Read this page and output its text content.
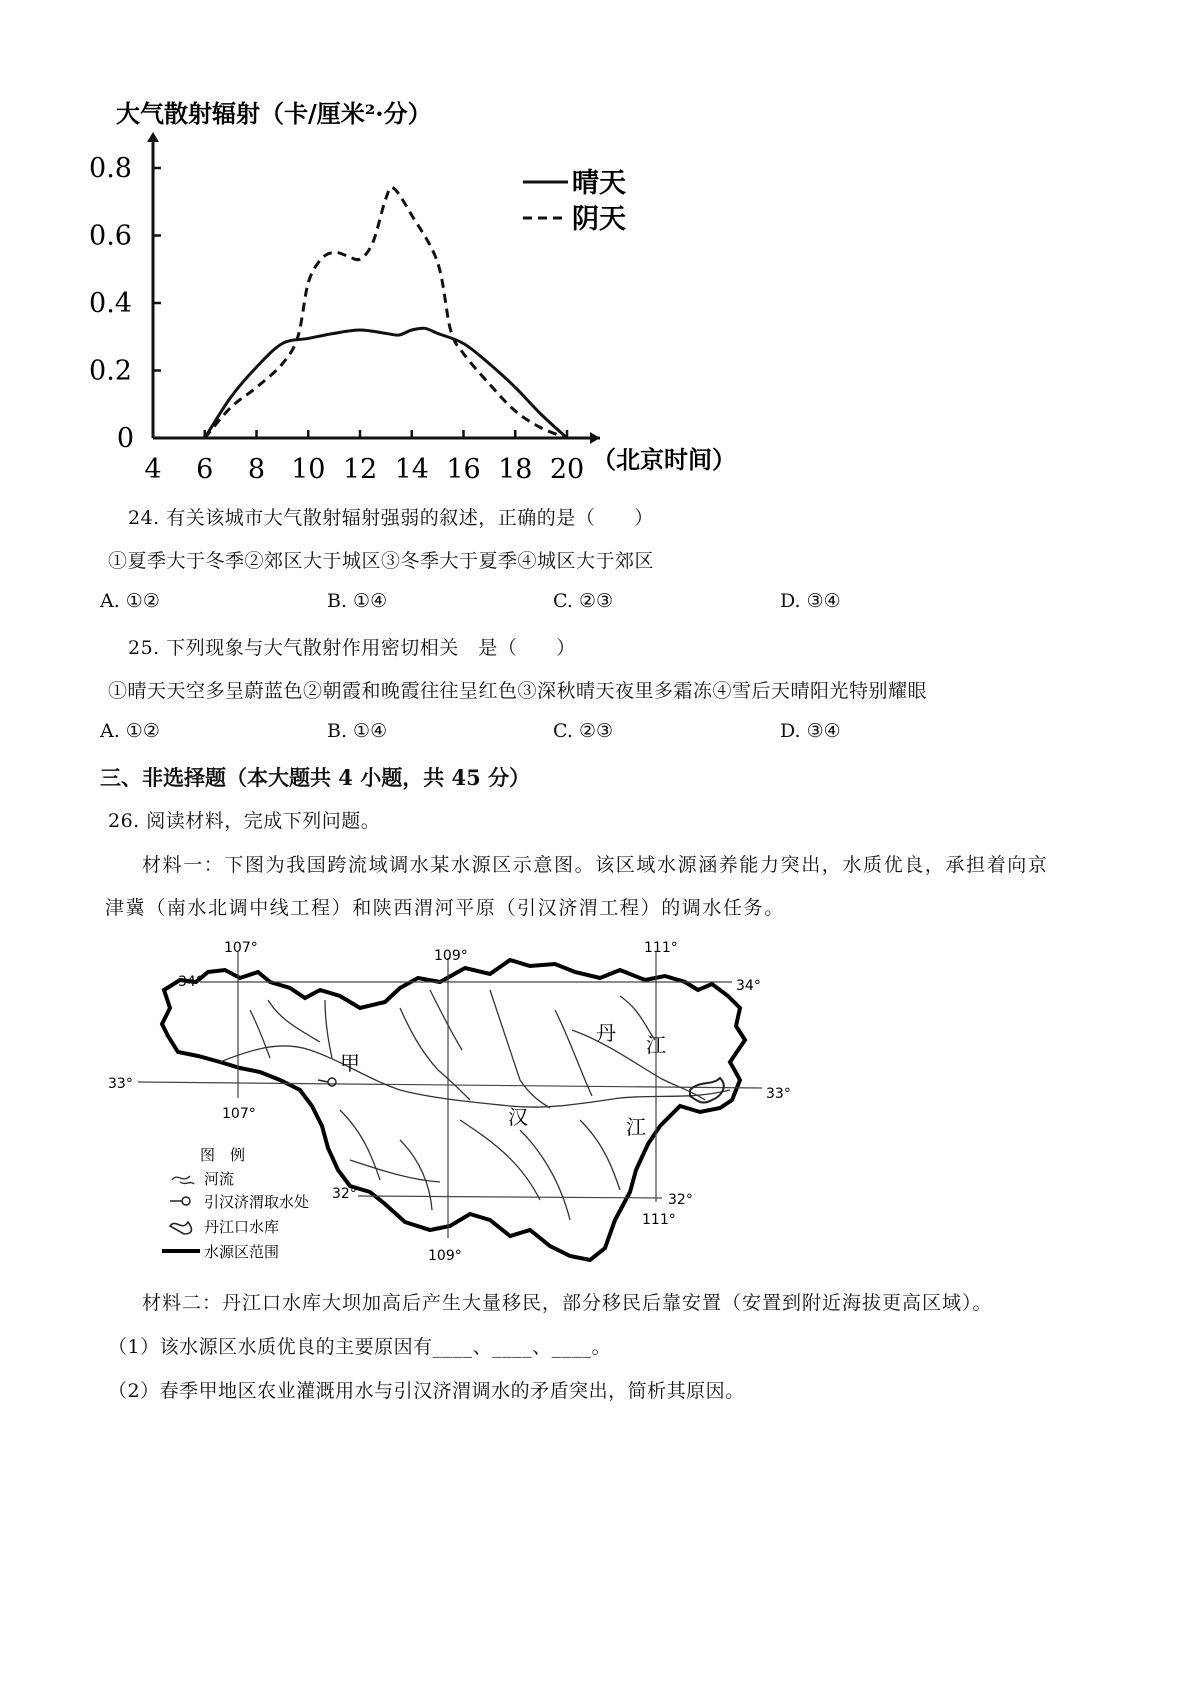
大气散射辐射（卡/厘米²·分）
4 6 8 10 12 14 16 18 20
0
0.2
0.4
0.6
0.8	晴天
阴天
（北京时间）
24. 有关该城市大气散射辐射强弱的叙述，正确的是（　　）
①夏季大于冬季②郊区大于城区③冬季大于夏季④城区大于郊区
A. ①②	B. ①④	C. ②③	D. ③④
25. 下列现象与大气散射作用密切相关　是（　　）
①晴天天空多呈蔚蓝色②朝霞和晚霞往往呈红色③深秋晴天夜里多霜冻④雪后天晴阳光特别耀眼
A. ①②	B. ①④	C. ②③	D. ③④
三、非选择题（本大题共 4 小题，共 45 分）
26. 阅读材料，完成下列问题。
材料一：下图为我国跨流域调水某水源区示意图。该区域水源涵养能力突出，水质优良，承担着向京
津冀（南水北调中线工程）和陕西渭河平原（引汉济渭工程）的调水任务。
107°	109°	111°
107°
109°
111°
34°	34°
33°
33°
32°	32°
甲
丹 江
汉	江
图　例
河流
引汉济渭取水处
丹江口水库
水源区范围
材料二：丹江口水库大坝加高后产生大量移民，部分移民后靠安置（安置到附近海拔更高区域）。
（1）该水源区水质优良的主要原因有____、____、____。
（2）春季甲地区农业灌溉用水与引汉济渭调水的矛盾突出，简析其原因。
